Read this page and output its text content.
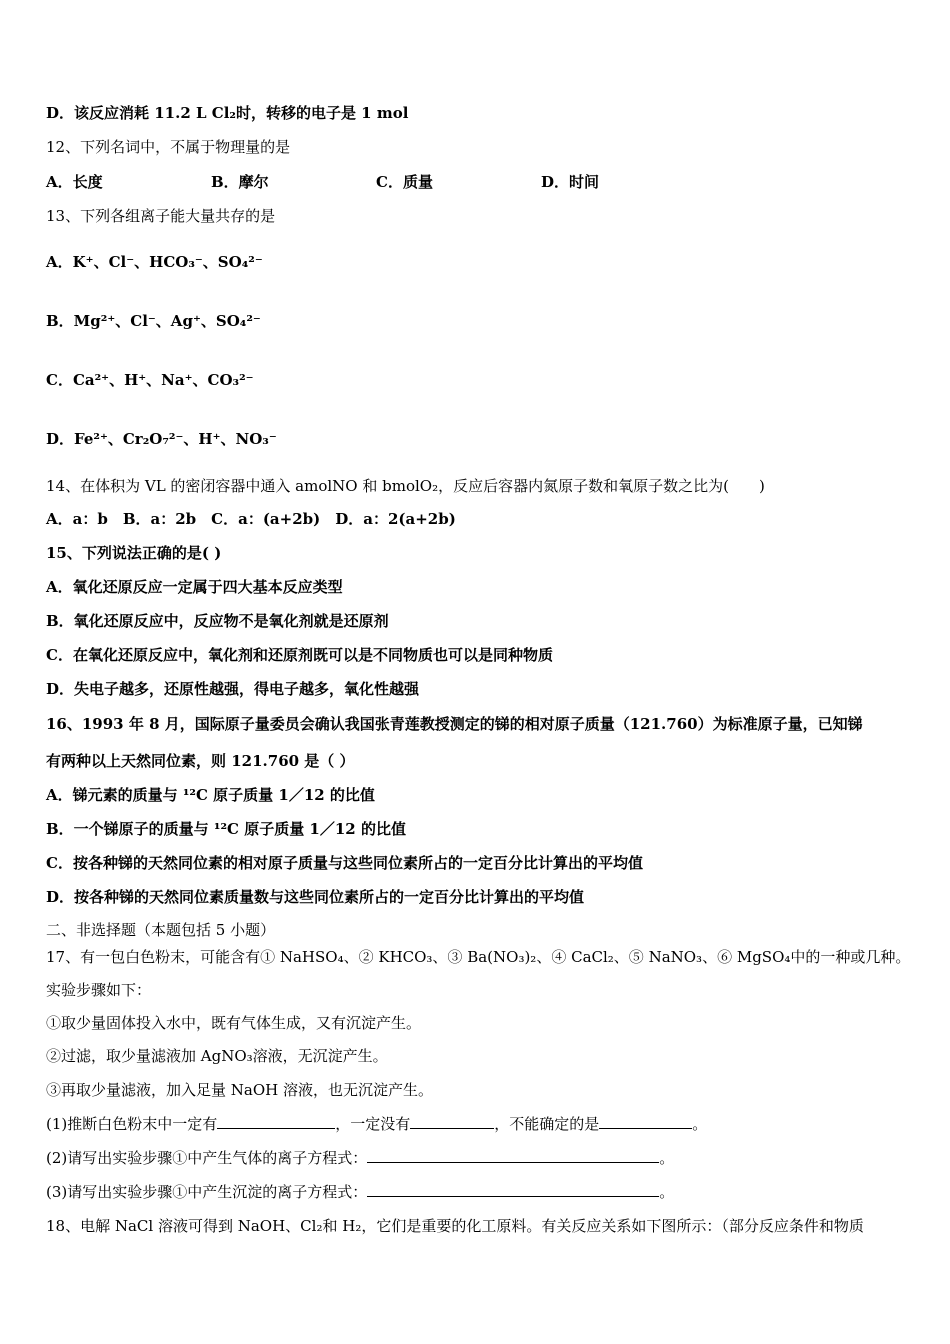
D．该反应消耗 11.2 L Cl₂时，转移的电子是 1 mol
12、下列名词中，不属于物理量的是
A．长度	B．摩尔	C．质量	D．时间
13、下列各组离子能大量共存的是
A．K⁺、Cl⁻、HCO₃⁻、SO₄²⁻
B．Mg²⁺、Cl⁻、Ag⁺、SO₄²⁻
C．Ca²⁺、H⁺、Na⁺、CO₃²⁻
D．Fe²⁺、Cr₂O₇²⁻、H⁺、NO₃⁻
14、在体积为 VL 的密闭容器中通入 amolNO 和 bmolO₂，反应后容器内氮原子数和氧原子数之比为(　　)
A．a：b　B．a：2b　C．a：(a+2b)　D．a：2(a+2b)
15、下列说法正确的是( )
A．氧化还原反应一定属于四大基本反应类型
B．氧化还原反应中，反应物不是氧化剂就是还原剂
C．在氧化还原反应中，氧化剂和还原剂既可以是不同物质也可以是同种物质
D．失电子越多，还原性越强，得电子越多，氧化性越强
16、1993 年 8 月，国际原子量委员会确认我国张青莲教授测定的锑的相对原子质量（121.760）为标准原子量，已知锑
有两种以上天然同位素，则 121.760 是（ ）
A．锑元素的质量与 ¹²C 原子质量 1／12 的比值
B．一个锑原子的质量与 ¹²C 原子质量 1／12 的比值
C．按各种锑的天然同位素的相对原子质量与这些同位素所占的一定百分比计算出的平均值
D．按各种锑的天然同位素质量数与这些同位素所占的一定百分比计算出的平均值
二、非选择题（本题包括 5 小题）
17、有一包白色粉末，可能含有① NaHSO₄、② KHCO₃、③ Ba(NO₃)₂、④ CaCl₂、⑤ NaNO₃、⑥ MgSO₄中的一种或几种。
实验步骤如下：
①取少量固体投入水中，既有气体生成，又有沉淀产生。
②过滤，取少量滤液加 AgNO₃溶液，无沉淀产生。
③再取少量滤液，加入足量 NaOH 溶液，也无沉淀产生。
(1)推断白色粉末中一定有	，一定没有	，不能确定的是	。
(2)请写出实验步骤①中产生气体的离子方程式：	。
(3)请写出实验步骤①中产生沉淀的离子方程式：	。
18、电解 NaCl 溶液可得到 NaOH、Cl₂和 H₂，它们是重要的化工原料。有关反应关系如下图所示：（部分反应条件和物质
